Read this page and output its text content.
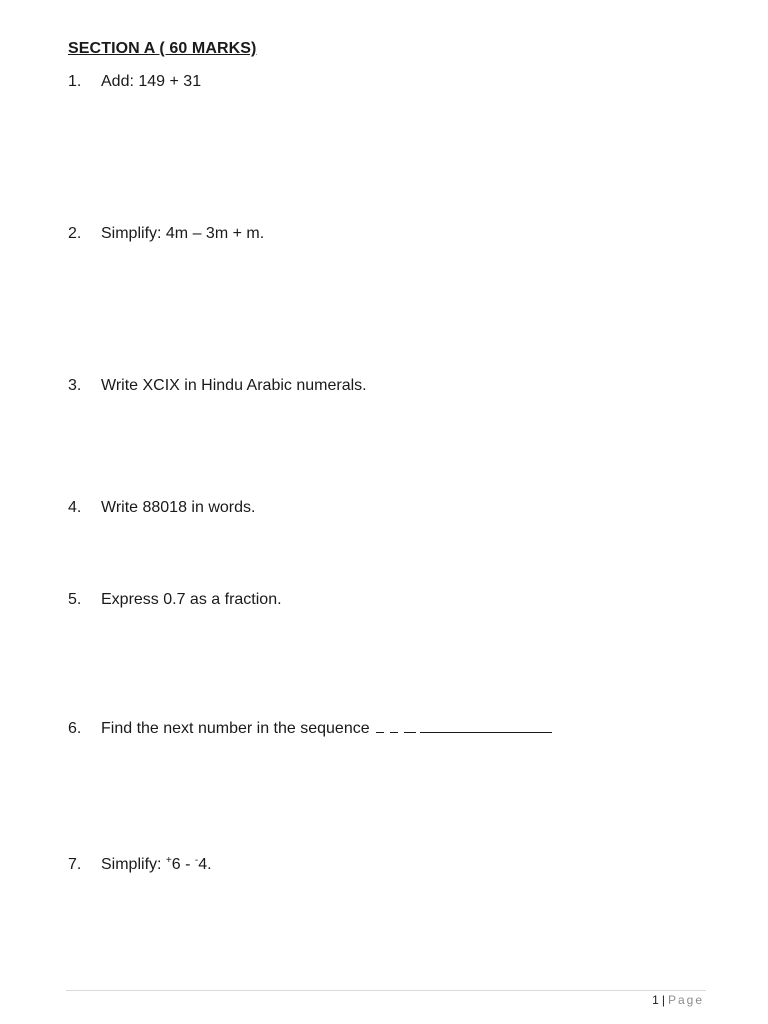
SECTION A ( 60 MARKS)
1. Add: 149 + 31
2. Simplify: 4m – 3m + m.
3. Write XCIX in Hindu Arabic numerals.
4. Write 88018 in words.
5. Express 0.7 as a fraction.
6. Find the next number in the sequence
7. Simplify: +6 - -4.
1 | Page
